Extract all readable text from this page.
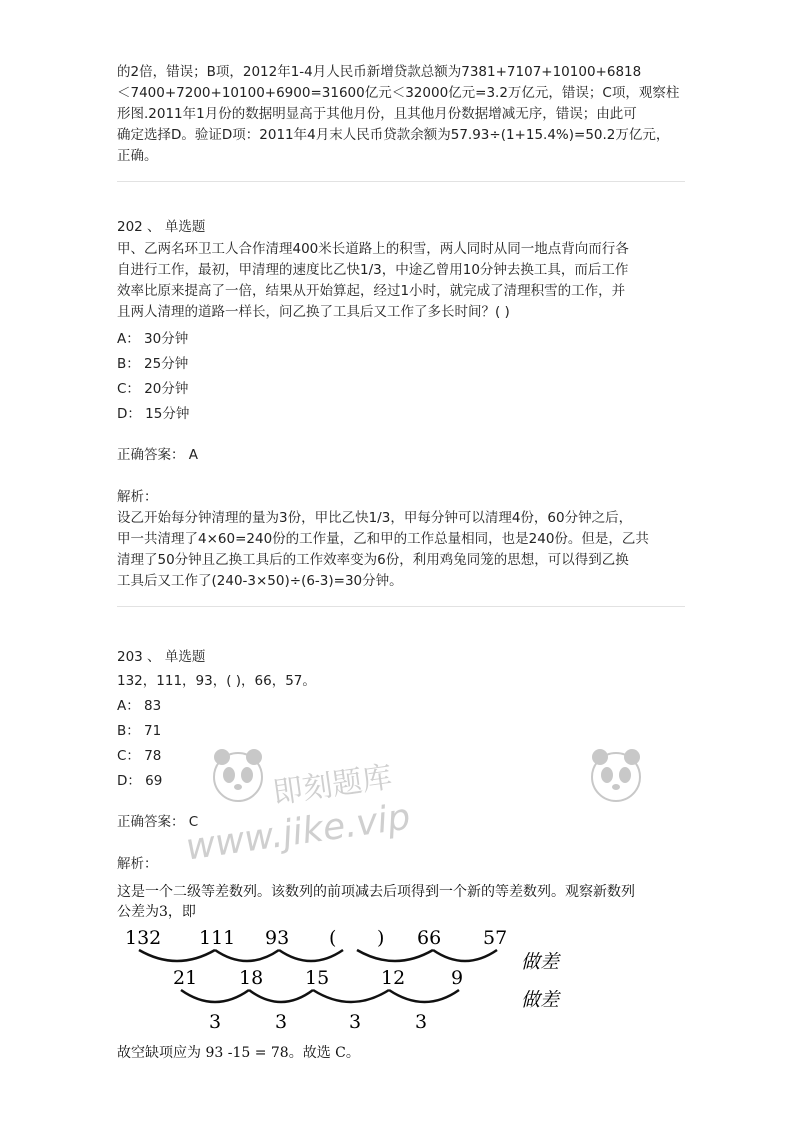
的2倍，错误；B项，2012年1-4月人民币新增贷款总额为7381+7107+10100+6818
＜7400+7200+10100+6900=31600亿元＜32000亿元=3.2万亿元，错误；C项，观察柱
形图.2011年1月份的数据明显高于其他月份，且其他月份数据增减无序，错误；由此可
确定选择D。验证D项：2011年4月末人民币贷款余额为57.93÷(1+15.4%)=50.2万亿元，
正确。
202 、 单选题
甲、乙两名环卫工人合作清理400米长道路上的积雪，两人同时从同一地点背向而行各
自进行工作，最初，甲清理的速度比乙快1/3，中途乙曾用10分钟去换工具，而后工作
效率比原来提高了一倍，结果从开始算起，经过1小时，就完成了清理积雪的工作，并
且两人清理的道路一样长，问乙换了工具后又工作了多长时间？( )
A： 30分钟
B： 25分钟
C： 20分钟
D： 15分钟
正确答案： A
解析：
设乙开始每分钟清理的量为3份，甲比乙快1/3，甲每分钟可以清理4份，60分钟之后，
甲一共清理了4×60=240份的工作量，乙和甲的工作总量相同，也是240份。但是，乙共
清理了50分钟且乙换工具后的工作效率变为6份，利用鸡兔同笼的思想，可以得到乙换
工具后又工作了(240-3×50)÷(6-3)=30分钟。
203 、 单选题
132，111，93，( )，66，57。
A： 83
B： 71
C： 78
D： 69
正确答案： C
解析：
这是一个二级等差数列。该数列的前项减去后项得到一个新的等差数列。观察新数列
公差为3，即
132 111 93 ( ) 66 57
21 18 15	12 9
3	3	3	3
做差
做差
故空缺项应为 93 -15 = 78。故选 C。
即刻题库
www.jike.vip
